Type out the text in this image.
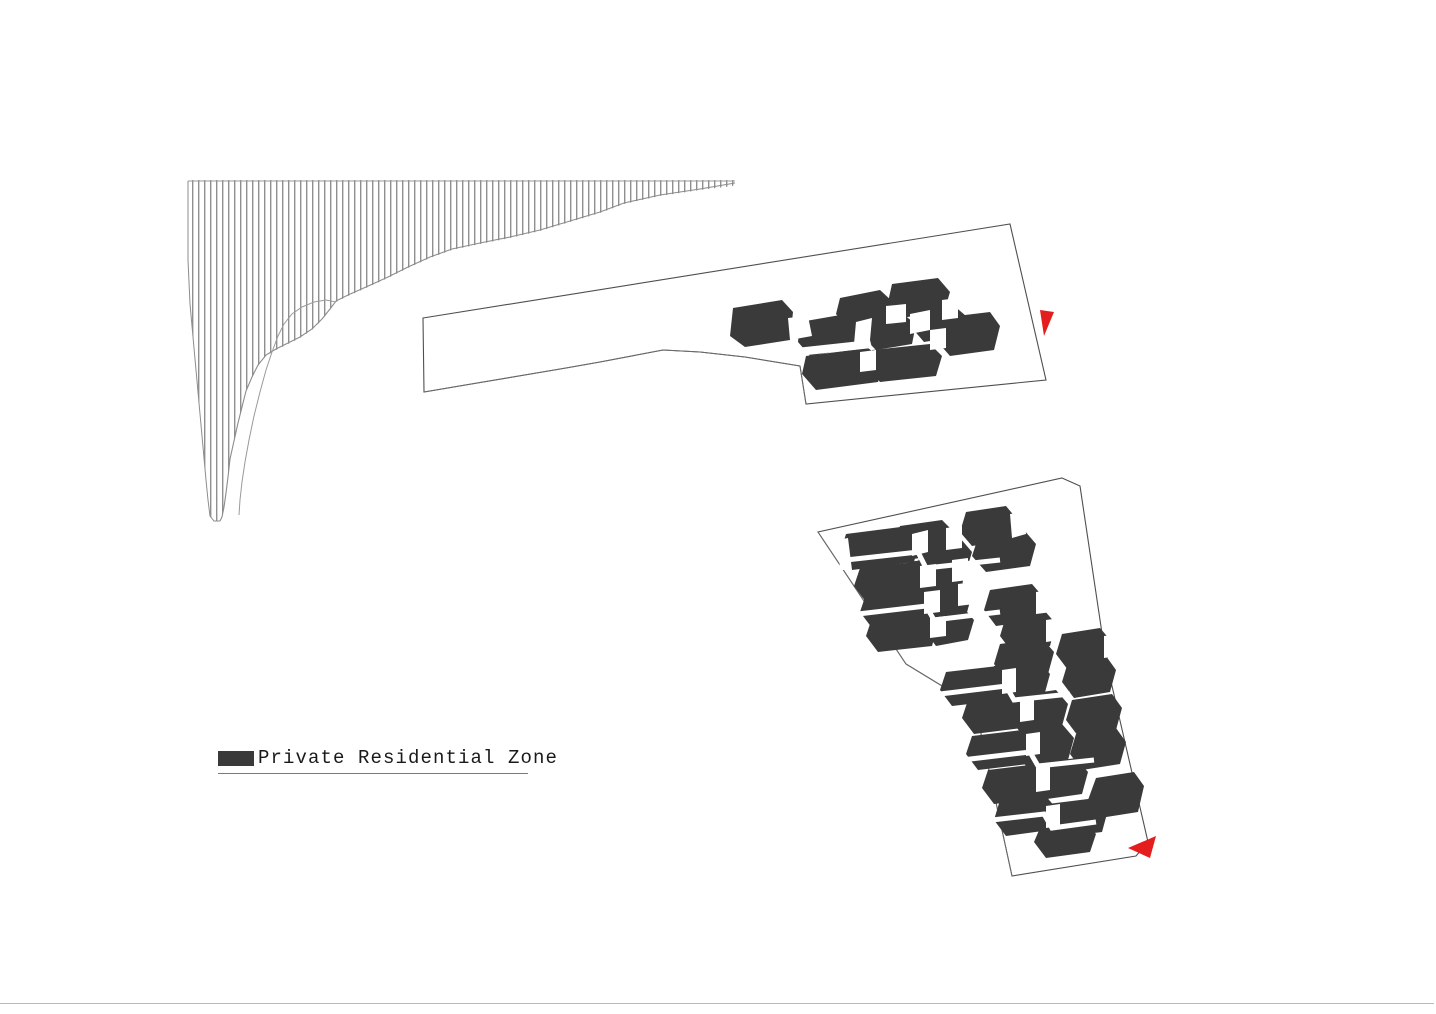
Private Residential Zone
